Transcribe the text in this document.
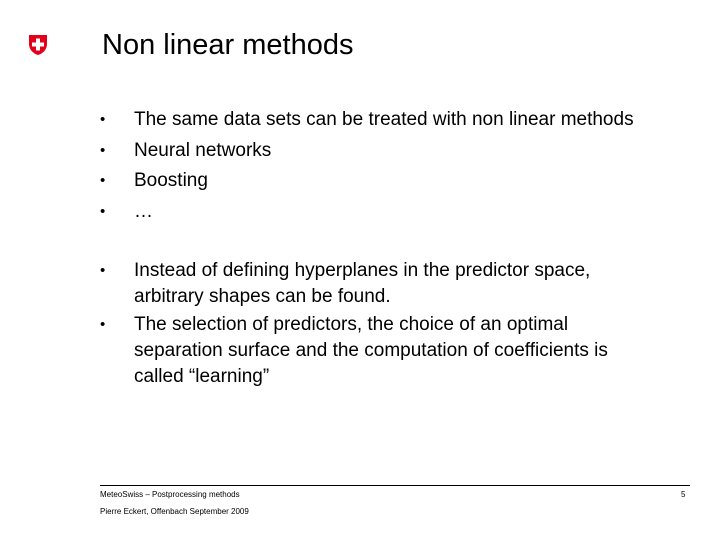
Non linear methods
• The same data sets can be treated with non linear methods
• Neural networks
• Boosting
• …
• Instead of defining hyperplanes in the predictor space, arbitrary shapes can be found.
• The selection of predictors, the choice of an optimal separation surface and the computation of coefficients is called “learning”
MeteoSwiss – Postprocessing methods
Pierre Eckert, Offenbach September 2009
5
